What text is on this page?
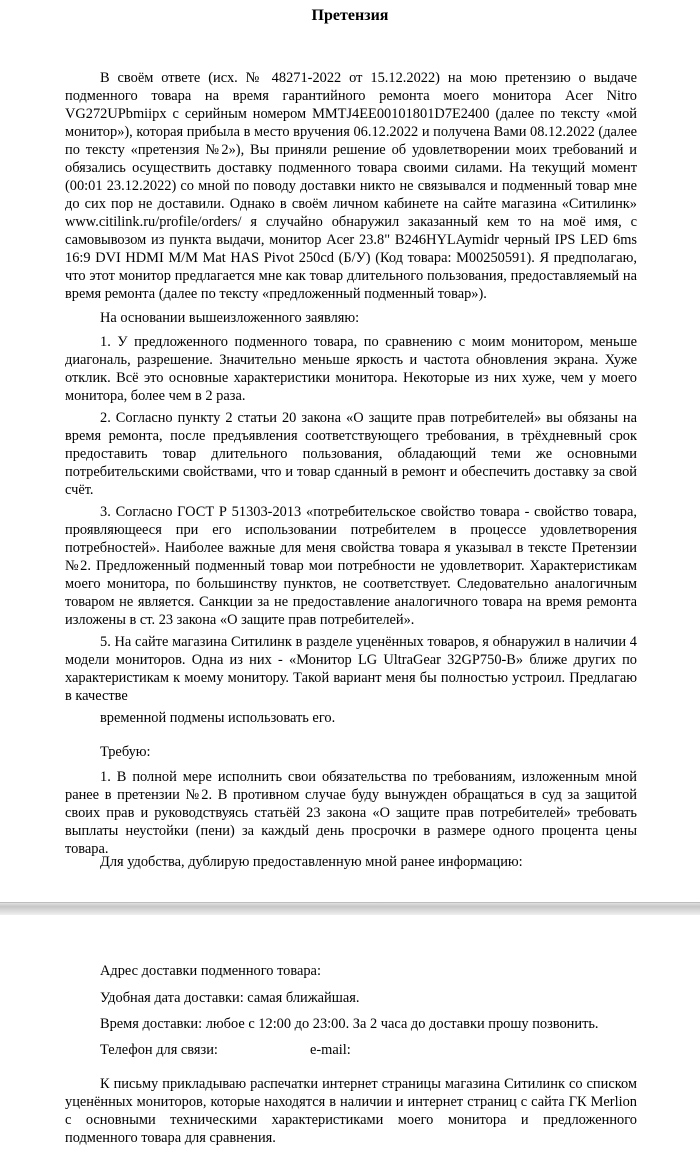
Претензия

В своём ответе (исх. № 48271-2022 от 15.12.2022) на мою претензию о выдаче подменного товара на время гарантийного ремонта моего монитора Acer Nitro VG272UPbmiipx с серийным номером MMTJ4EE00101801D7E2400 (далее по тексту «мой монитор»), которая прибыла в место вручения 06.12.2022 и получена Вами 08.12.2022 (далее по тексту «претензия №2»), Вы приняли решение об удовлетворении моих требований и обязались осуществить доставку подменного товара своими силами. На текущий момент (00:01 23.12.2022) со мной по поводу доставки никто не связывался и подменный товар мне до сих пор не доставили. Однако в своём личном кабинете на сайте магазина «Ситилинк» www.citilink.ru/profile/orders/ я случайно обнаружил заказанный кем то на моё имя, с самовывозом из пункта выдачи, монитор Acer 23.8" B246HYLAymidr черный IPS LED 6ms 16:9 DVI HDMI M/M Mat HAS Pivot 250cd (Б/У) (Код товара: M00250591). Я предполагаю, что этот монитор предлагается мне как товар длительного пользования, предоставляемый на время ремонта (далее по тексту «предложенный подменный товар»).

На основании вышеизложенного заявляю:

1. У предложенного подменного товара, по сравнению с моим монитором, меньше диагональ, разрешение. Значительно меньше яркость и частота обновления экрана. Хуже отклик. Всё это основные характеристики монитора. Некоторые из них хуже, чем у моего монитора, более чем в 2 раза.

2. Согласно пункту 2 статьи 20 закона «О защите прав потребителей» вы обязаны на время ремонта, после предъявления соответствующего требования, в трёхдневный срок предоставить товар длительного пользования, обладающий теми же основными потребительскими свойствами, что и товар сданный в ремонт и обеспечить доставку за свой счёт.

3. Согласно ГОСТ Р 51303-2013 «потребительское свойство товара - свойство товара, проявляющееся при его использовании потребителем в процессе удовлетворения потребностей». Наиболее важные для меня свойства товара я указывал в тексте Претензии №2. Предложенный подменный товар мои потребности не удовлетворит. Характеристикам моего монитора, по большинству пунктов, не соответствует. Следовательно аналогичным товаром не является. Санкции за не предоставление аналогичного товара на время ремонта изложены в ст. 23 закона «О защите прав потребителей».

5. На сайте магазина Ситилинк в разделе уценённых товаров, я обнаружил в наличии 4 модели мониторов. Одна из них - «Монитор LG UltraGear 32GP750-B» ближе других по характеристикам к моему монитору. Такой вариант меня бы полностью устроил. Предлагаю в качестве

временной подмены использовать его.

Требую:

1. В полной мере исполнить свои обязательства по требованиям, изложенным мной ранее в претензии №2. В противном случае буду вынужден обращаться в суд за защитой своих прав и руководствуясь статьёй 23 закона «О защите прав потребителей» требовать выплаты неустойки (пени) за каждый день просрочки в размере одного процента цены товара.

Для удобства, дублирую предоставленную мной ранее информацию:

Адрес доставки подменного товара:

Удобная дата доставки: самая ближайшая.

Время доставки: любое с 12:00 до 23:00. За 2 часа до доставки прошу позвонить.

Телефон для связи:	e-mail:

К письму прикладываю распечатки интернет страницы магазина Ситилинк со списком уценённых мониторов, которые находятся в наличии и интернет страниц с сайта ГК Merlion с основными техническими характеристиками моего монитора и предложенного подменного товара для сравнения.
